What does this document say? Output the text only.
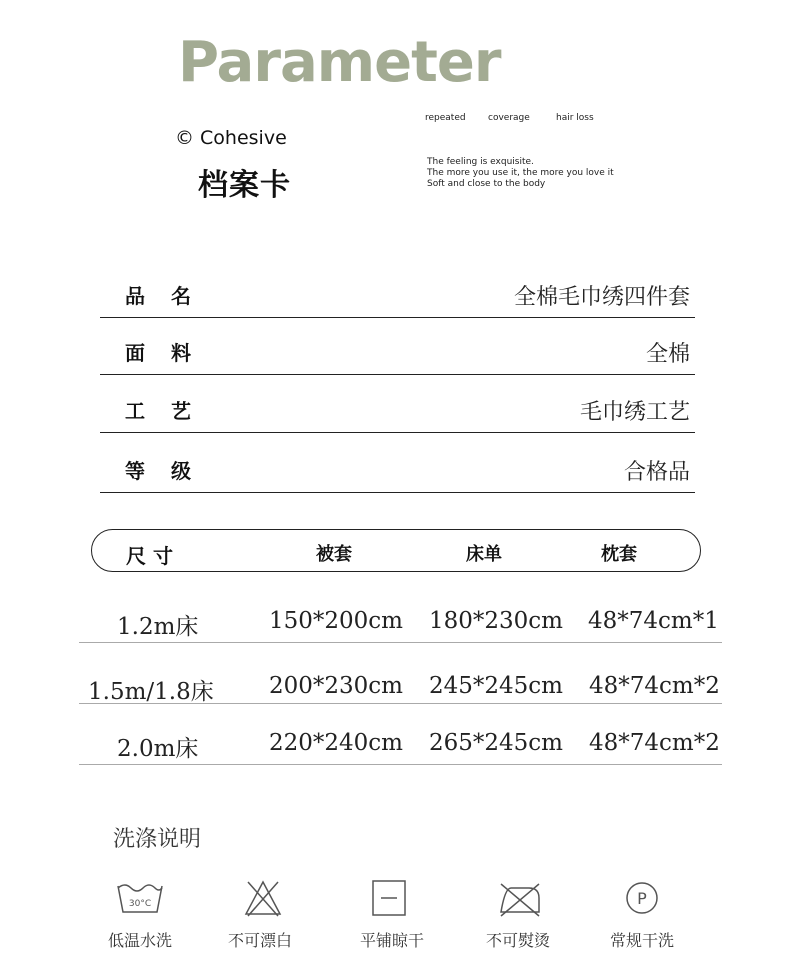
Parameter
© Cohesive
档案卡
repeated coverage	hair loss
The feeling is exquisite.
The more you use it, the more you love it
Soft and close to the body
品名	全棉毛巾绣四件套
面料	全棉
工艺	毛巾绣工艺
等级	合格品
尺 寸	被套	床单	枕套
1.2m床	150*200cm 180*230cm 48*74cm*1
1.5m/1.8床 200*230cm 245*245cm 48*74cm*2
2.0m床	220*240cm 265*245cm 48*74cm*2
洗涤说明
30°C
低温水洗	不可漂白	平铺晾干	不可熨烫
P
常规干洗
